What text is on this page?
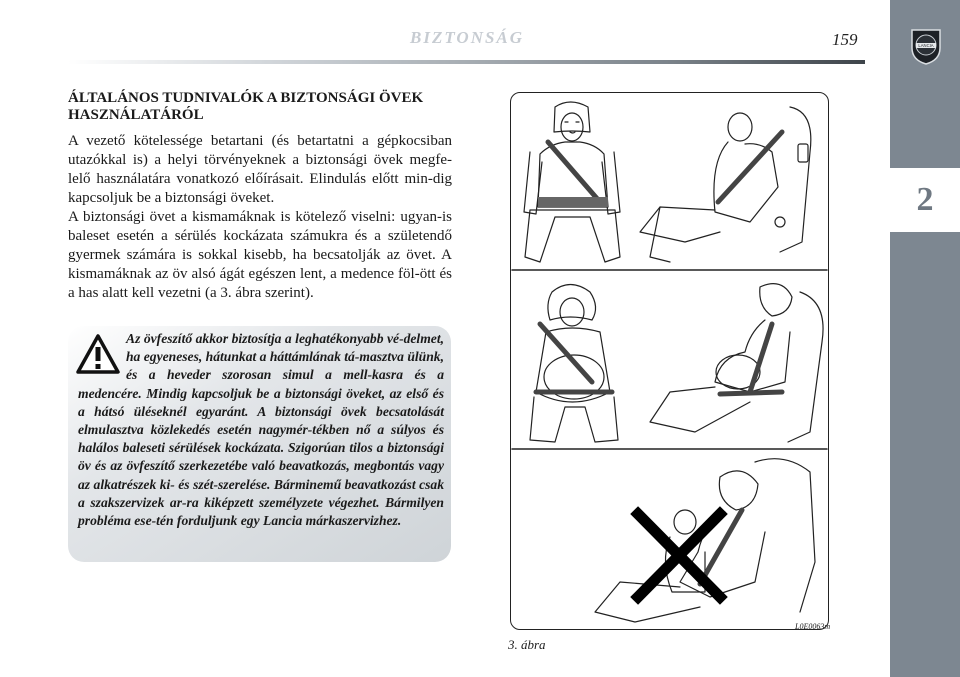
LANCIA
2
BIZTONSÁG	159
ÁLTALÁNOS TUDNIVALÓK A BIZTONSÁGI ÖVEK HASZNÁLATÁRÓL

A vezető kötelessége betartani (és betartatni a gépkocsiban utazókkal is) a helyi törvényeknek a biztonsági övek megfe-lelő használatára vonatkozó előírásait. Elindulás előtt min-dig kapcsoljuk be a biztonsági öveket.

A biztonsági övet a kismamáknak is kötelező viselni: ugyan-is baleset esetén a sérülés kockázata számukra és a születendő gyermek számára is sokkal kisebb, ha becsatolják az övet. A kismamáknak az öv alsó ágát egészen lent, a medence föl-ött és a has alatt kell vezetni (a 3. ábra szerint).

Az övfeszítő akkor biztosítja a leghatékonyabb vé-delmet, ha egyeneses, hátunkat a háttámlának tá-masztva ülünk, és a heveder szorosan simul a mell-kasra és a medencére. Mindig kapcsoljuk be a biztonsági öveket, az első és a hátsó üléseknél egyaránt. A biztonsági övek becsatolását elmulasztva közlekedés esetén nagymér-tékben nő a súlyos és halálos baleseti sérülések kockázata. Szigorúan tilos a biztonsági öv és az övfeszítő szerkezetébe való beavatkozás, megbontás vagy az alkatrészek ki- és szét-szerelése. Bárminemű beavatkozást csak a szakszervizek ar-ra kiképzett személyzete végezhet. Bármilyen probléma ese-tén forduljunk egy Lancia márkaszervizhez.

L0E0063m
3. ábra
